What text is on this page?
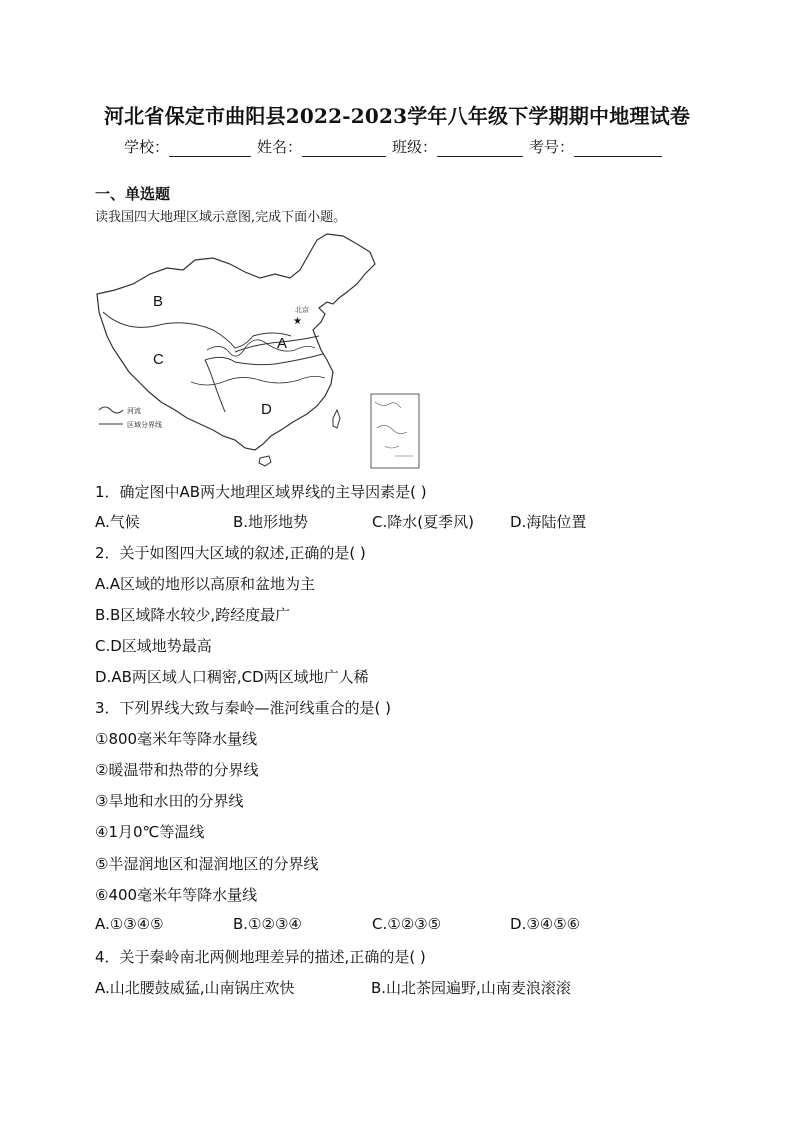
河北省保定市曲阳县2022-2023学年八年级下学期期中地理试卷
学校：	姓名：	班级：	考号：
一、单选题
读我国四大地理区域示意图,完成下面小题。
B
C
A
D
★
北京
河流
区域分界线
1．确定图中AB两大地理区域界线的主导因素是( )
A.气候	B.地形地势	C.降水(夏季风) D.海陆位置
2．关于如图四大区域的叙述,正确的是( )
A.A区域的地形以高原和盆地为主
B.B区域降水较少,跨经度最广
C.D区域地势最高
D.AB两区域人口稠密,CD两区域地广人稀
3．下列界线大致与秦岭—淮河线重合的是( )
①800毫米年等降水量线
②暖温带和热带的分界线
③旱地和水田的分界线
④1月0℃等温线
⑤半湿润地区和湿润地区的分界线
⑥400毫米年等降水量线
A.①③④⑤	B.①②③④	C.①②③⑤	D.③④⑤⑥
4．关于秦岭南北两侧地理差异的描述,正确的是( )
A.山北腰鼓威猛,山南锅庄欢快	B.山北茶园遍野,山南麦浪滚滚
